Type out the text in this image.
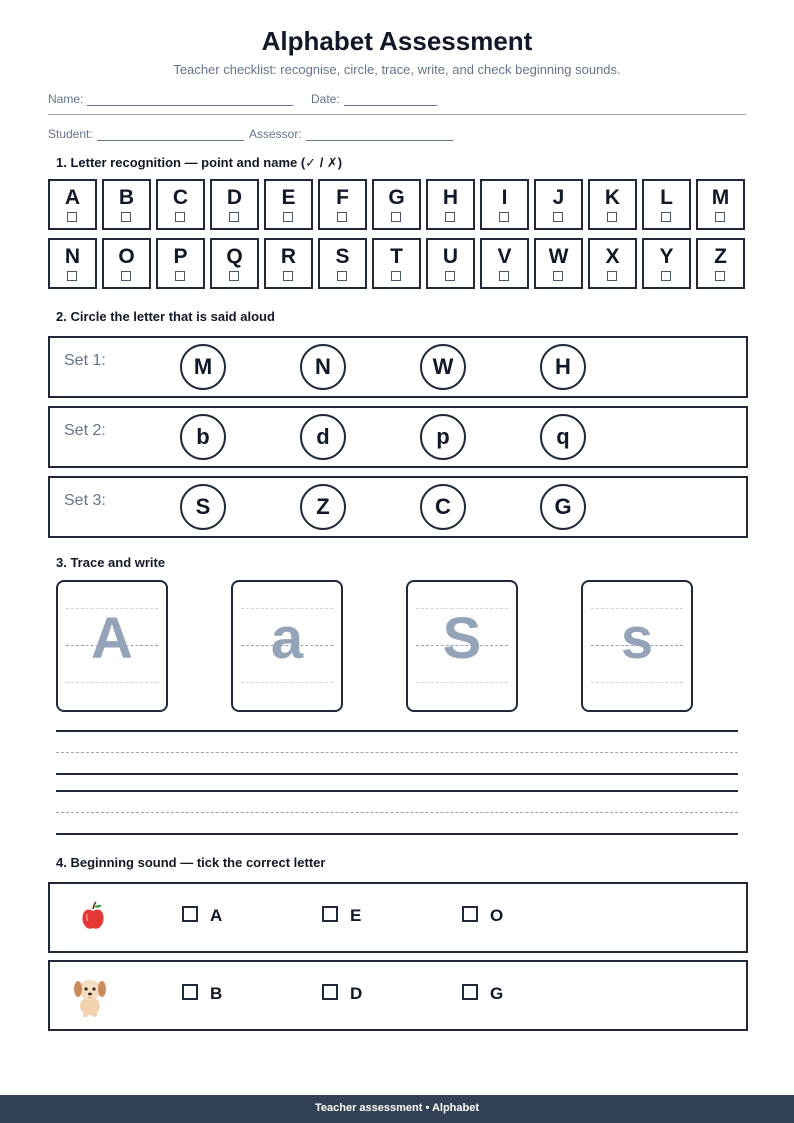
Alphabet Assessment
Teacher checklist: recognise, circle, trace, write, and check beginning sounds.
Name:	Date:
Student:	Assessor:
1. Letter recognition — point and name (✓ / ✗)
A	B	C	D	E	F	G	H	I	J	K	L	M
N	O	P	Q	R	S	T	U	V	W	X	Y	Z
2. Circle the letter that is said aloud
Set 1:	M	N	W	H
Set 2:	b	d	p	q
Set 3:	S	Z	C	G
3. Trace and write
A	a	S	s
4. Beginning sound — tick the correct letter
A	E	O
B	D	G
Teacher assessment • Alphabet
